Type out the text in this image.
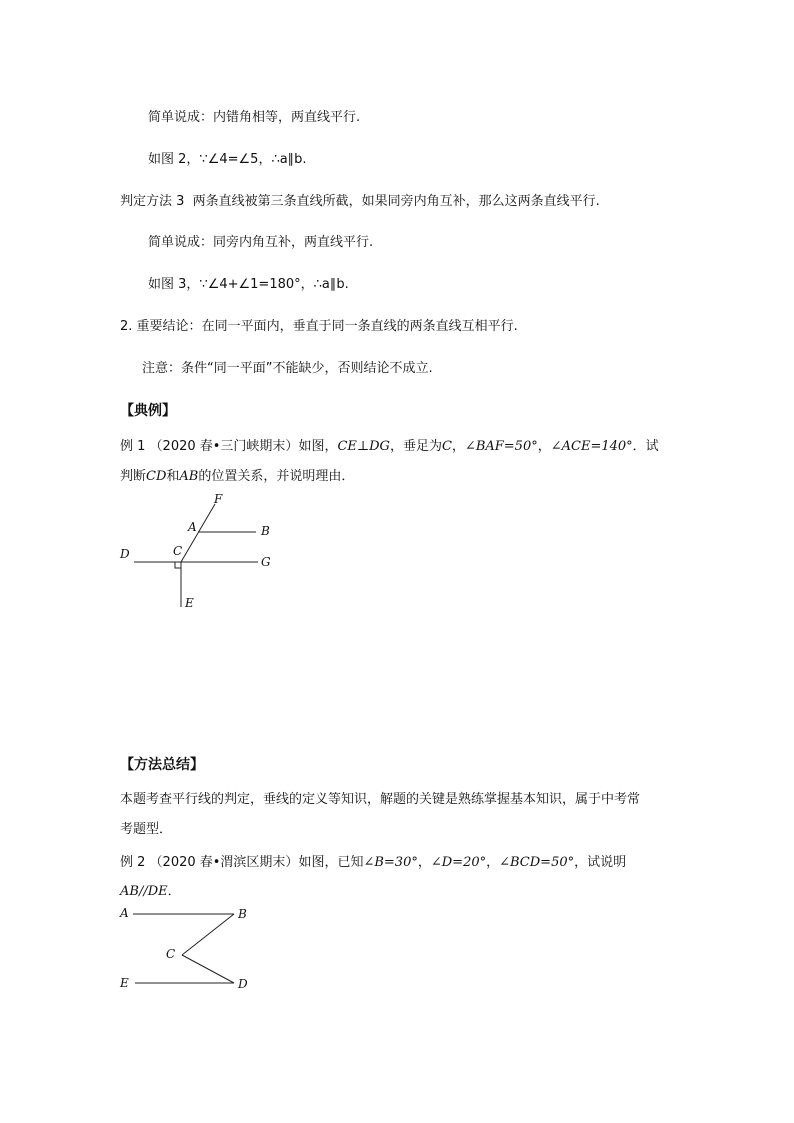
简单说成：内错角相等，两直线平行.
如图 2，∵∠4=∠5，∴a∥b.
判定方法 3 两条直线被第三条直线所截，如果同旁内角互补，那么这两条直线平行.
简单说成：同旁内角互补，两直线平行.
如图 3，∵∠4+∠1=180°，∴a∥b.
2. 重要结论：在同一平面内，垂直于同一条直线的两条直线互相平行.
注意：条件“同一平面”不能缺少，否则结论不成立.
【典例】
例 1 （2020 春•三门峡期末）如图，CE⊥DG，垂足为C，∠BAF=50°，∠ACE=140°．试
判断CD和AB的位置关系，并说明理由．
F
A	B
C
D
G
E
【方法总结】
本题考查平行线的判定，垂线的定义等知识，解题的关键是熟练掌握基本知识，属于中考常
考题型．
例 2 （2020 春•渭滨区期末）如图，已知∠B=30°，∠D=20°，∠BCD=50°，试说明
AB//DE．
A	B
C
E	D
